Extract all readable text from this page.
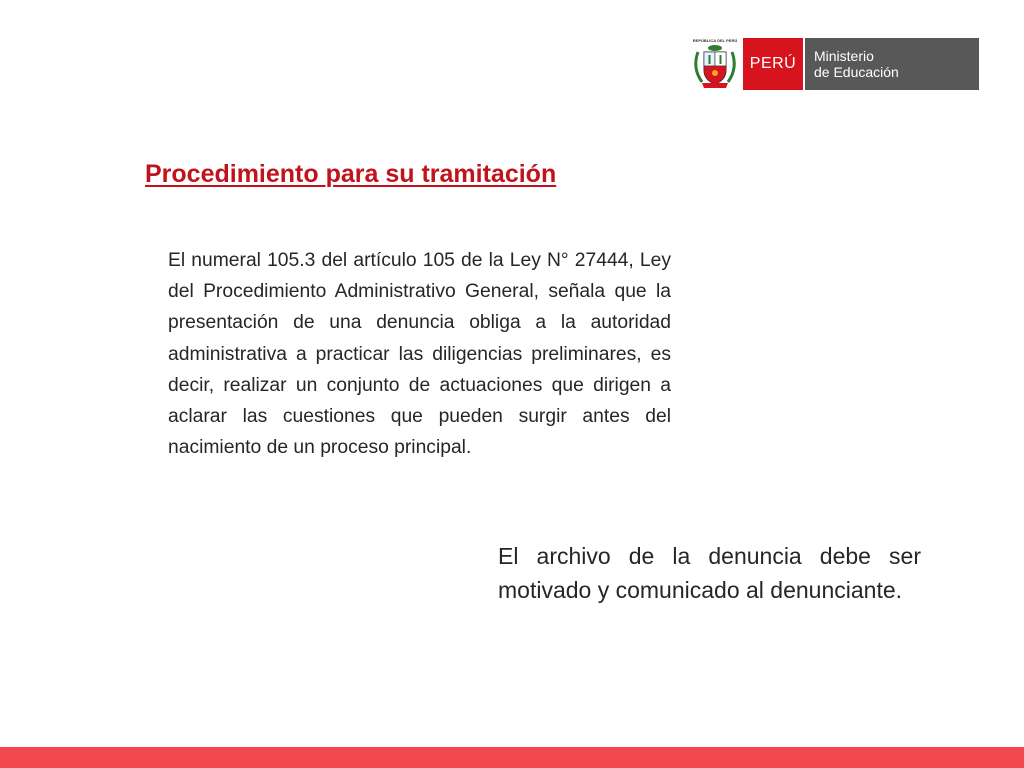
REPÚBLICA DEL PERÚ
PERÚ	Ministerio
de Educación
Procedimiento para su tramitación

El numeral 105.3 del artículo 105 de la Ley N° 27444, Ley del Procedimiento Administrativo General, señala que la presentación de una denuncia obliga a la autoridad administrativa a practicar las diligencias preliminares, es decir, realizar un conjunto de actuaciones que dirigen a aclarar las cuestiones que pueden surgir antes del nacimiento de un proceso principal.

El archivo de la denuncia debe ser motivado y comunicado al denunciante.
